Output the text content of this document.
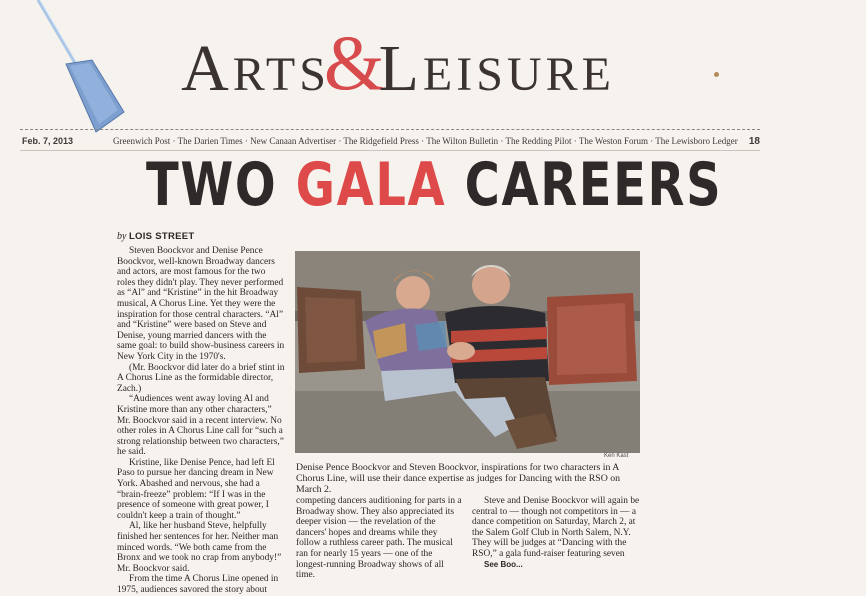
ARTS
&
LEISURE
Feb. 7, 2013	Greenwich Post · The Darien Times · New Canaan Advertiser · The Ridgefield Press · The Wilton Bulletin · The Redding Pilot · The Weston Forum · The Lewisboro Ledger	18
TWO GALA CAREERS
by LOIS STREET

Steven Boockvor and Denise Pence Boockvor, well-known Broadway dancers and actors, are most famous for the two roles they didn't play. They never performed as “Al” and “Kristine” in the hit Broadway musical, A Chorus Line. Yet they were the inspiration for those central characters. “Al” and “Kristine” were based on Steve and Denise, young married dancers with the same goal: to build show-business careers in New York City in the 1970's.

(Mr. Boockvor did later do a brief stint in A Chorus Line as the formidable director, Zach.)

“Audiences went away loving Al and Kristine more than any other characters,” Mr. Boockvor said in a recent interview. No other roles in A Chorus Line call for “such a strong relationship between two characters,” he said.

Kristine, like Denise Pence, had left El Paso to pursue her dancing dream in New York. Abashed and nervous, she had a “brain-freeze” problem: “If I was in the presence of someone with great power, I couldn't keep a train of thought.”

Al, like her husband Steve, helpfully finished her sentences for her. Neither man minced words. “We both came from the Bronx and we took no crap from anybody!” Mr. Boockvor said.

From the time A Chorus Line opened in 1975, audiences savored the story about

Ken Kast
Denise Pence Boockvor and Steven Boockvor, inspirations for two characters in A Chorus Line, will use their dance expertise as judges for Dancing with the RSO on March 2.

competing dancers auditioning for parts in a Broadway show. They also appreciated its deeper vision — the revelation of the dancers' hopes and dreams while they follow a ruthless career path. The musical ran for nearly 15 years — one of the longest-running Broadway shows of all time.

Steve and Denise Boockvor will again be central to — though not competitors in — a dance competition on Saturday, March 2, at the Salem Golf Club in North Salem, N.Y. They will be judges at “Dancing with the RSO,” a gala fund-raiser featuring seven

See Boo...
